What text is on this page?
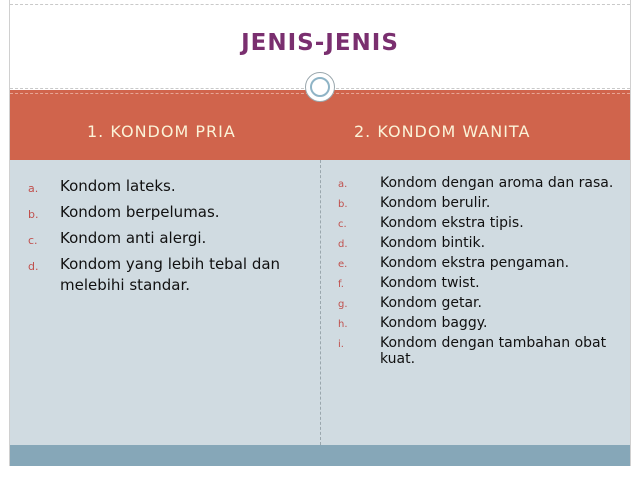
JENIS-JENIS
1. KONDOM PRIA	2. KONDOM WANITA
a. Kondom lateks.
b. Kondom berpelumas.
c. Kondom anti alergi.
d. Kondom yang lebih tebal dan melebihi standar.
a. Kondom dengan aroma dan rasa.
b. Kondom berulir.
c. Kondom ekstra tipis.
d. Kondom bintik.
e. Kondom ekstra pengaman.
f.	Kondom twist.
g. Kondom getar.
h. Kondom baggy.
i.	Kondom dengan tambahan obat kuat.
